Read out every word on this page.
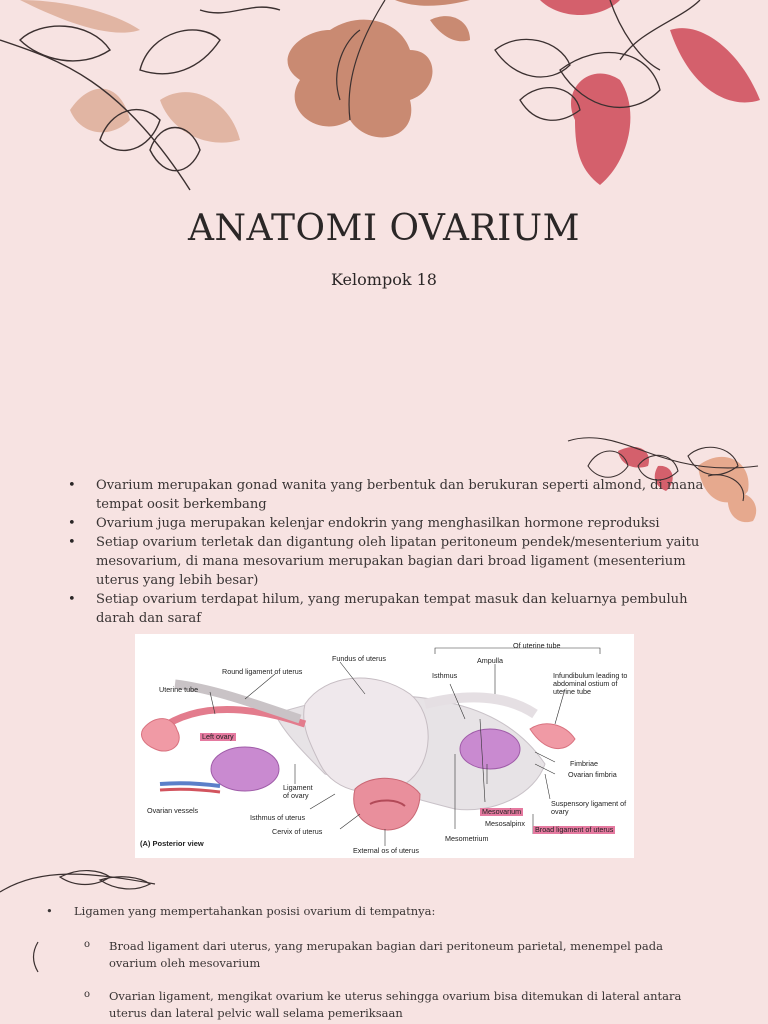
ANATOMI OVARIUM

Kelompok 18

• Ovarium merupakan gonad wanita yang berbentuk dan berukuran seperti almond, di mana tempat oosit berkembang
• Ovarium juga merupakan kelenjar endokrin yang menghasilkan hormone reproduksi
• Setiap ovarium terletak dan digantung oleh lipatan peritoneum pendek/mesenterium yaitu mesovarium, di mana mesovarium merupakan bagian dari broad ligament (mesenterium uterus yang lebih besar)
• Setiap ovarium terdapat hilum, yang merupakan tempat masuk dan keluarnya pembuluh darah dan saraf
Of uterine tube
Fundus of uterus
Round ligament of uterus
Ampulla
Isthmus	Infundibulum leading to abdominal ostium of uterine tube
Uterine tube
Left ovary
Fimbriae
Ovarian fimbria
Ligament of ovary
Ovarian vessels
Isthmus of uterus
Suspensory ligament of ovary
Mesovarium
Mesosalpinx
Broad ligament of uterus
Cervix of uterus
Mesometrium
External os of uterus
(A) Posterior view
• Ligamen yang mempertahankan posisi ovarium di tempatnya:
o Broad ligament dari uterus, yang merupakan bagian dari peritoneum parietal, menempel pada ovarium oleh mesovarium
o Ovarian ligament, mengikat ovarium ke uterus sehingga ovarium bisa ditemukan di lateral antara uterus dan lateral pelvic wall selama pemeriksaan
